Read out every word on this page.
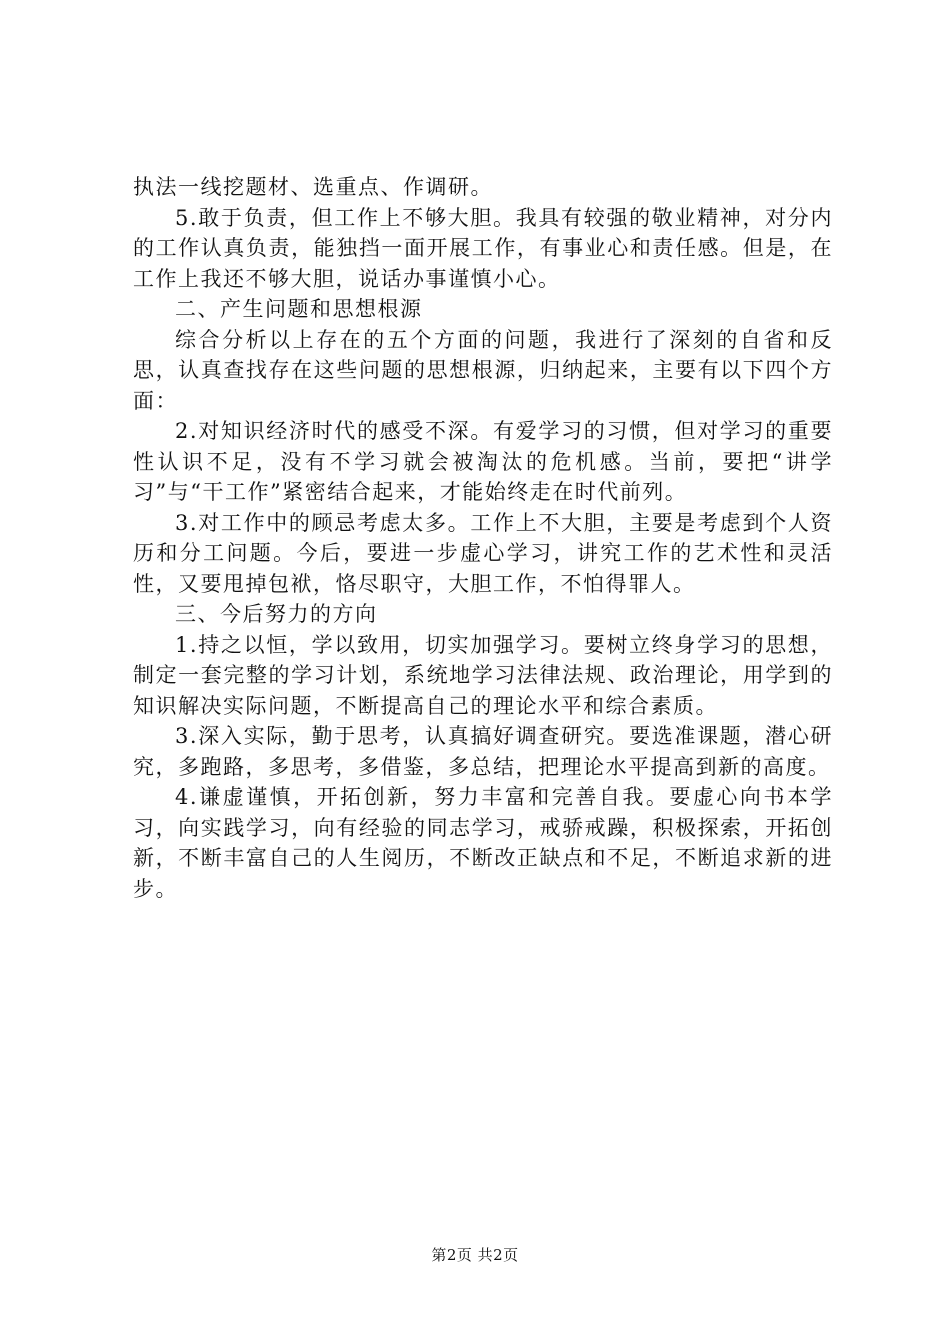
执法一线挖题材、选重点、作调研。

5.敢于负责，但工作上不够大胆。我具有较强的敬业精神，对分内的工作认真负责，能独挡一面开展工作，有事业心和责任感。但是，在工作上我还不够大胆，说话办事谨慎小心。

二、产生问题和思想根源

综合分析以上存在的五个方面的问题，我进行了深刻的自省和反思，认真查找存在这些问题的思想根源，归纳起来，主要有以下四个方面：

2.对知识经济时代的感受不深。有爱学习的习惯，但对学习的重要性认识不足，没有不学习就会被淘汰的危机感。当前，要把“讲学习”与“干工作”紧密结合起来，才能始终走在时代前列。

3.对工作中的顾忌考虑太多。工作上不大胆，主要是考虑到个人资历和分工问题。今后，要进一步虚心学习，讲究工作的艺术性和灵活性，又要甩掉包袱，恪尽职守，大胆工作，不怕得罪人。

三、今后努力的方向

1.持之以恒，学以致用，切实加强学习。要树立终身学习的思想，制定一套完整的学习计划，系统地学习法律法规、政治理论，用学到的知识解决实际问题，不断提高自己的理论水平和综合素质。

3.深入实际，勤于思考，认真搞好调查研究。要选准课题，潜心研究，多跑路，多思考，多借鉴，多总结，把理论水平提高到新的高度。

4.谦虚谨慎，开拓创新，努力丰富和完善自我。要虚心向书本学习，向实践学习，向有经验的同志学习，戒骄戒躁，积极探索，开拓创新，不断丰富自己的人生阅历，不断改正缺点和不足，不断追求新的进步。

第2页 共2页
